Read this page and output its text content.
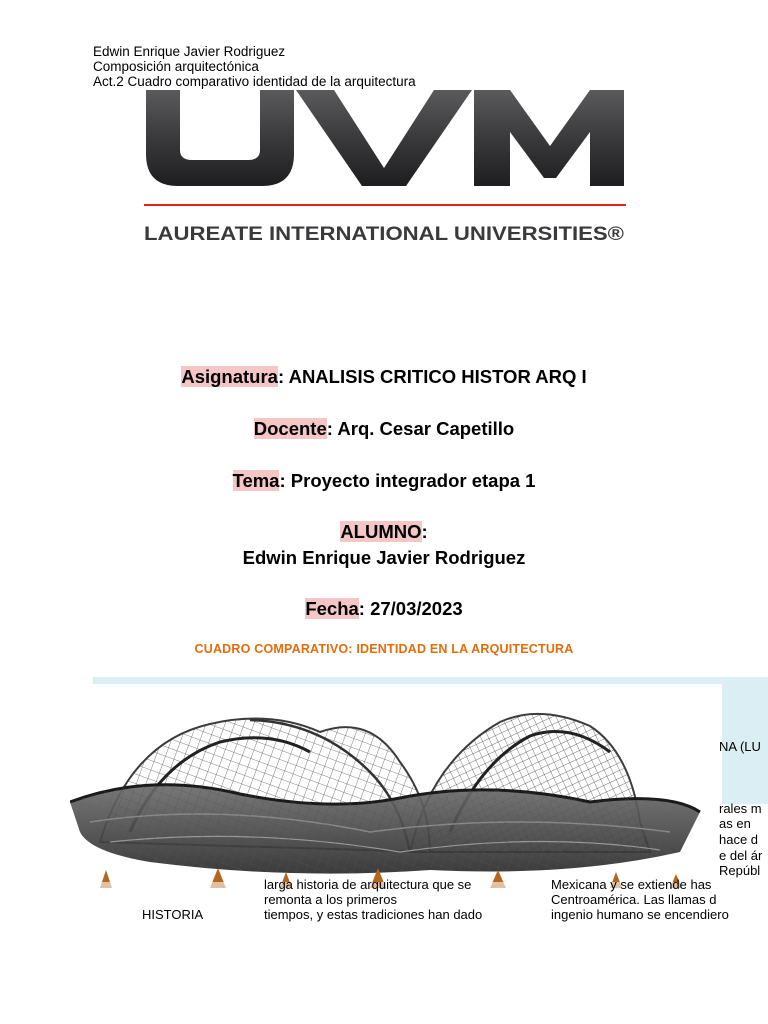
Edwin Enrique Javier Rodriguez
Composición arquitectónica
Act.2 Cuadro comparativo identidad de la arquitectura
LAUREATE INTERNATIONAL UNIVERSITIES®
Asignatura: ANALISIS CRITICO HISTOR ARQ I
Docente: Arq. Cesar Capetillo
Tema: Proyecto integrador etapa 1
ALUMNO:
Edwin Enrique Javier Rodriguez
Fecha: 27/03/2023
CUADRO COMPARATIVO: IDENTIDAD EN LA ARQUITECTURA
NA (LU
rales m
as en
hace d
e del ár
Repúbl
larga historia de arquitectura que se
remonta a los primeros
tiempos, y estas tradiciones han dado
Mexicana y se extiende has
Centroamérica. Las llamas d
ingenio humano se encendiero
HISTORIA
